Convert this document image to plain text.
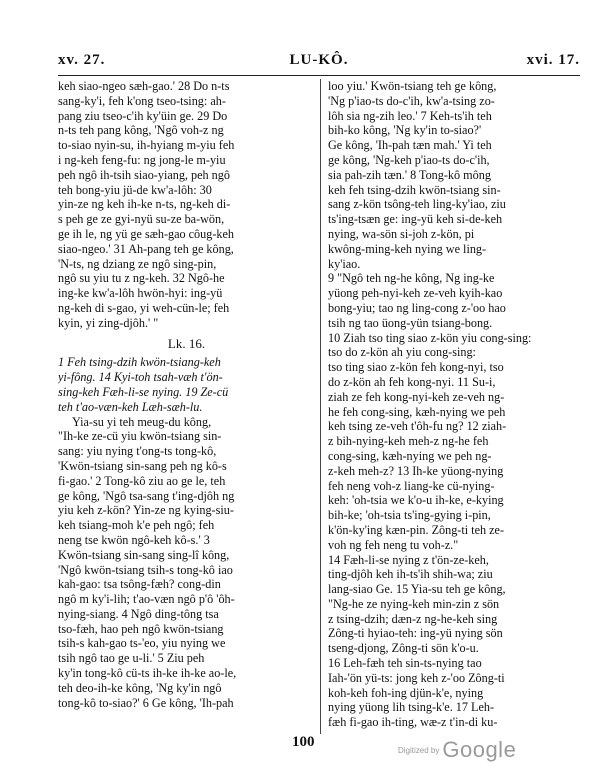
xv. 27.	LU-KÔ.	xvi. 17.
keh siao-ngeo sæh-gao.' 28 Do n-ts
sang-ky'i, feh k'ong tseo-tsing: ah-
pang ziu tseo-c'ih ky'üin ge. 29 Do
n-ts teh pang kông, 'Ngô voh-z ng
to-siao nyin-su, ih-hyiang m-yiu feh
i ng-keh feng-fu: ng jong-le m-yiu
peh ngô ih-tsih siao-yiang, peh ngô
teh bong-yiu jü-de kw'a-lôh: 30
yin-ze ng keh ih-ke n-ts, ng-keh di-
s peh ge ze gyi-nyü su-ze ba-wön,
ge ih le, ng yü ge sæh-gao côug-keh
siao-ngeo.' 31 Ah-pang teh ge kông,
'N-ts, ng dziang ze ngô sing-pin,
ngô su yiu tu z ng-keh. 32 Ngô-he
ing-ke kw'a-lôh hwön-hyi: ing-yü
ng-keh di s-gao, yi weh-cün-le; feh
kyin, yi zing-djôh.' "
Lk. 16.
1 Feh tsing-dzih kwön-tsiang-keh
yi-fông. 14 Kyi-toh tsah-væh t'ön-
sing-keh Fæh-li-se nying. 19 Ze-cü
teh t'ao-væn-keh Læh-sæh-lu.
Yia-su yi teh meug-du kông,
"Ih-ke ze-cü yiu kwön-tsiang sin-
sang: yiu nying t'ong-ts tong-kô,
'Kwön-tsiang sin-sang peh ng kô-s
fi-gao.' 2 Tong-kô ziu ao ge le, teh
ge kông, 'Ngô tsa-sang t'ing-djôh ng
yiu keh z-kön? Yin-ze ng kying-siu-
keh tsiang-moh k'e peh ngô; feh
neng tse kwön ngô-keh kô-s.' 3
Kwön-tsiang sin-sang sing-lî kông,
'Ngô kwön-tsiang tsih-s tong-kô iao
kah-gao: tsa tsông-fæh? cong-din
ngô m ky'i-lih; t'ao-væn ngô p'ô 'ôh-
nying-siang. 4 Ngô ding-tông tsa
tso-fæh, hao peh ngô kwön-tsiang
tsih-s kah-gao ts-'eo, yiu nying we
tsih ngô tao ge u-li.' 5 Ziu peh
ky'in tong-kô cü-ts ih-ke ih-ke ao-le,
teh deo-ih-ke kông, 'Ng ky'in ngô
tong-kô to-siao?' 6 Ge kông, 'Ih-pah
loo yiu.' Kwön-tsiang teh ge kông,
'Ng p'iao-ts do-c'ih, kw'a-tsing zo-
lôh sia ng-zih leo.' 7 Keh-ts'ih teh
bih-ko kông, 'Ng ky'in to-siao?'
Ge kông, 'Ih-pah tæn mah.' Yi teh
ge kông, 'Ng-keh p'iao-ts do-c'ih,
sia pah-zih tæn.' 8 Tong-kô mông
keh feh tsing-dzih kwön-tsiang sin-
sang z-kön tsông-teh ling-ky'iao, ziu
ts'ing-tsæn ge: ing-yü keh si-de-keh
nying, wa-sön si-joh z-kön, pi
kwông-ming-keh nying we ling-
ky'iao.
9 "Ngô teh ng-he kông, Ng ing-ke
yüong peh-nyi-keh ze-veh kyih-kao
bong-yiu; tao ng ling-cong z-'oo hao
tsih ng tao üong-yün tsiang-bong.
10 Ziah tso ting siao z-kön yiu cong-sing:
tso do z-kön ah yiu cong-sing:
tso ting siao z-kön feh kong-nyi, tso
do z-kön ah feh kong-nyi. 11 Su-i,
ziah ze feh kong-nyi-keh ze-veh ng-
he feh cong-sing, kæh-nying we peh
keh tsing ze-veh t'ôh-fu ng? 12 ziah-
z bih-nying-keh meh-z ng-he feh
cong-sing, kæh-nying we peh ng-
z-keh meh-z? 13 Ih-ke yüong-nying
feh neng voh-z liang-ke cü-nying-
keh: 'oh-tsia we k'o-u ih-ke, e-kying
bih-ke; 'oh-tsia ts'ing-gying i-pin,
k'ön-ky'ing kæn-pin. Zông-ti teh ze-
voh ng feh neng tu voh-z."
14 Fæh-li-se nying z t'ön-ze-keh,
ting-djôh keh ih-ts'ih shih-wa; ziu
lang-siao Ge. 15 Yia-su teh ge kông,
"Ng-he ze nying-keh min-zin z sön
z tsing-dzih; dæn-z ng-he-keh sing
Zông-ti hyiao-teh: ing-yü nying sön
tseng-djong, Zông-ti sön k'o-u.
16 Leh-fæh teh sin-ts-nying tao
Iah-'ön yü-ts: jong keh z-'oo Zông-ti
koh-keh foh-ing djün-k'e, nying
nying yüong lih tsing-k'e. 17 Leh-
fæh fi-gao ih-ting, wæ-z t'in-di ku-
100	Digitized by Google
